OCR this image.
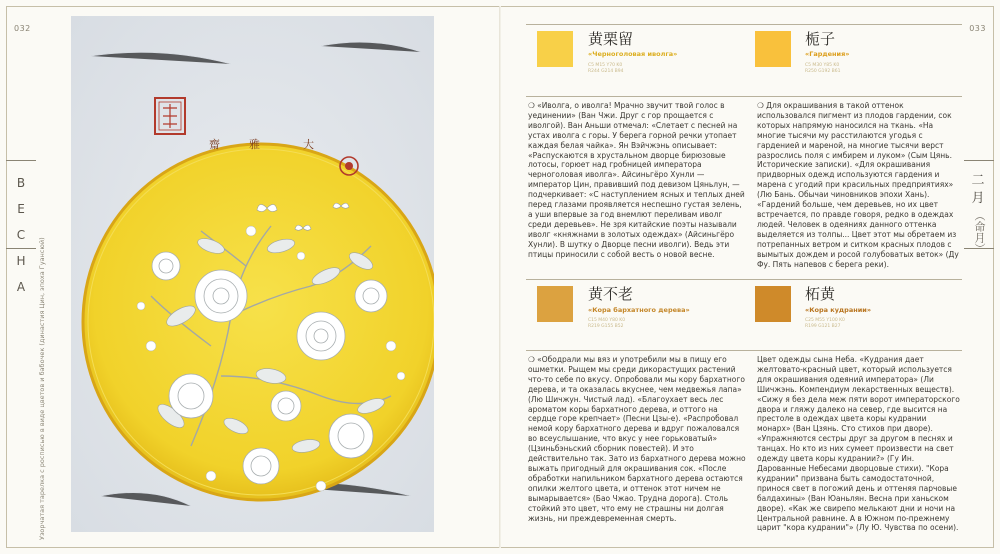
032	033
В
Е
С
Н
А
二
月
（命月）
Узорчатая тарелка с росписью в виде цветов и бабочек (династия Цин, эпоха Гуансюй)
齋	雅	大
黄栗留
«Черноголовая иволга»
C5 M15 Y70 K0
R244 G214 B94

❍ «Иволга, о иволга! Мрачно звучит твой голос в уединении» (Ван Чжи. Друг с гор прощается с иволгой). Ван Аньши отмечал: «Слетает с песней на устах иволга с горы. У берега горной речки утопает каждая белая чайка». Ян Вэйчжэнь описывает: «Распускаются в хрустальном дворце бирюзовые лотосы, горюет над гробницей императора черноголовая иволга». Айсиньгёро Хунли — император Цин, правивший под девизом Цяньлун, — подчеркивает: «С наступлением ясных и теплых дней перед глазами проявляется неспешно густая зелень, а уши впервые за год внемлют переливам иволг среди деревьев». Не зря китайские поэты называли иволг «княжнами в золотых одеждах» (Айсиньгёро Хунли). В шутку о Дворце песни иволги). Ведь эти птицы приносили с собой весть о новой весне.

栀子
«Гардения»
C5 M30 Y85 K0
R250 G192 B61

❍ Для окрашивания в такой оттенок использовался пигмент из плодов гардении, сок которых напрямую наносился на ткань. «На многие тысячи му расстилаются угодья с гарденией и мареной, на многие тысячи верст разрослись поля с имбирем и луком» (Сым Цянь. Исторические записки). «Для окрашивания придворных одежд используются гардения и марена с угодий при красильных предприятиях» (Лю Бань. Обычаи чиновников эпохи Хань). «Гардений больше, чем деревьев, но их цвет встречается, по правде говоря, редко в одеждах людей. Человек в одеяниях данного оттенка выделяется из толпы... Цвет этот мы обретаем из потрепанных ветром и ситком красных плодов с вымытых дождем и росой голубоватых веток» (Ду Фу. Пять напевов с берега реки).

黄不老
«Кора бархатного дерева»
C15 M40 Y80 K0
R219 G155 B52

❍ «Ободрали мы вяз и употребили мы в пищу его ошметки. Рыщем мы среди дикорастущих растений что-то себе по вкусу. Опробовали мы кору бархатного дерева, и та оказалась вкуснее, чем медвежья лапа» (Лю Шичжун. Чистый лад). «Благоухает весь лес ароматом коры бархатного дерева, и оттого на сердце горе крепчает» (Песни Цзы-е). «Распробовал немой кору бархатного дерева и вдруг пожаловался во всеуслышание, что вкус у нее горьковатый» (Цзиньбэньский сборник повестей). И это действительно так. Зато из бархатного дерева можно выжать пригодный для окрашивания сок. «После обработки напильником бархатного дерева остаются опилки желтого цвета, и оттенок этот ничем не вымарывается» (Бао Чжао. Трудна дорога). Столь стойкий это цвет, что ему не страшны ни долгая жизнь, ни преждевременная смерть.

柘黄
«Кора кудрании»
C25 M55 Y100 K0
R199 G121 B27

Цвет одежды сына Неба. «Кудрания дает желтовато-красный цвет, который используется для окрашивания одеяний императора» (Ли Шичжэнь. Компендиум лекарственных веществ). «Сижу я без дела меж пяти ворот императорского двора и гляжу далеко на север, где высится на престоле в одеждах цвета коры кудрании монарх» (Ван Цзянь. Сто стихов при дворе). «Упражняются сестры друг за другом в песнях и танцах. Но кто из них сумеет произвести на свет одежду цвета коры кудрании?» (Гу Ин. Дарованные Небесами дворцовые стихи). "Кора кудрании" призвана быть самодостаточной, принося свет в погожий день и оттеняя парчовые балдахины» (Ван Юаньлян. Весна при ханьском дворе). «Как же свирепо мелькают дни и ночи на Центральной равнине. А в Южном по-прежнему царит "кора кудрании"» (Лу Ю. Чувства по осени).
